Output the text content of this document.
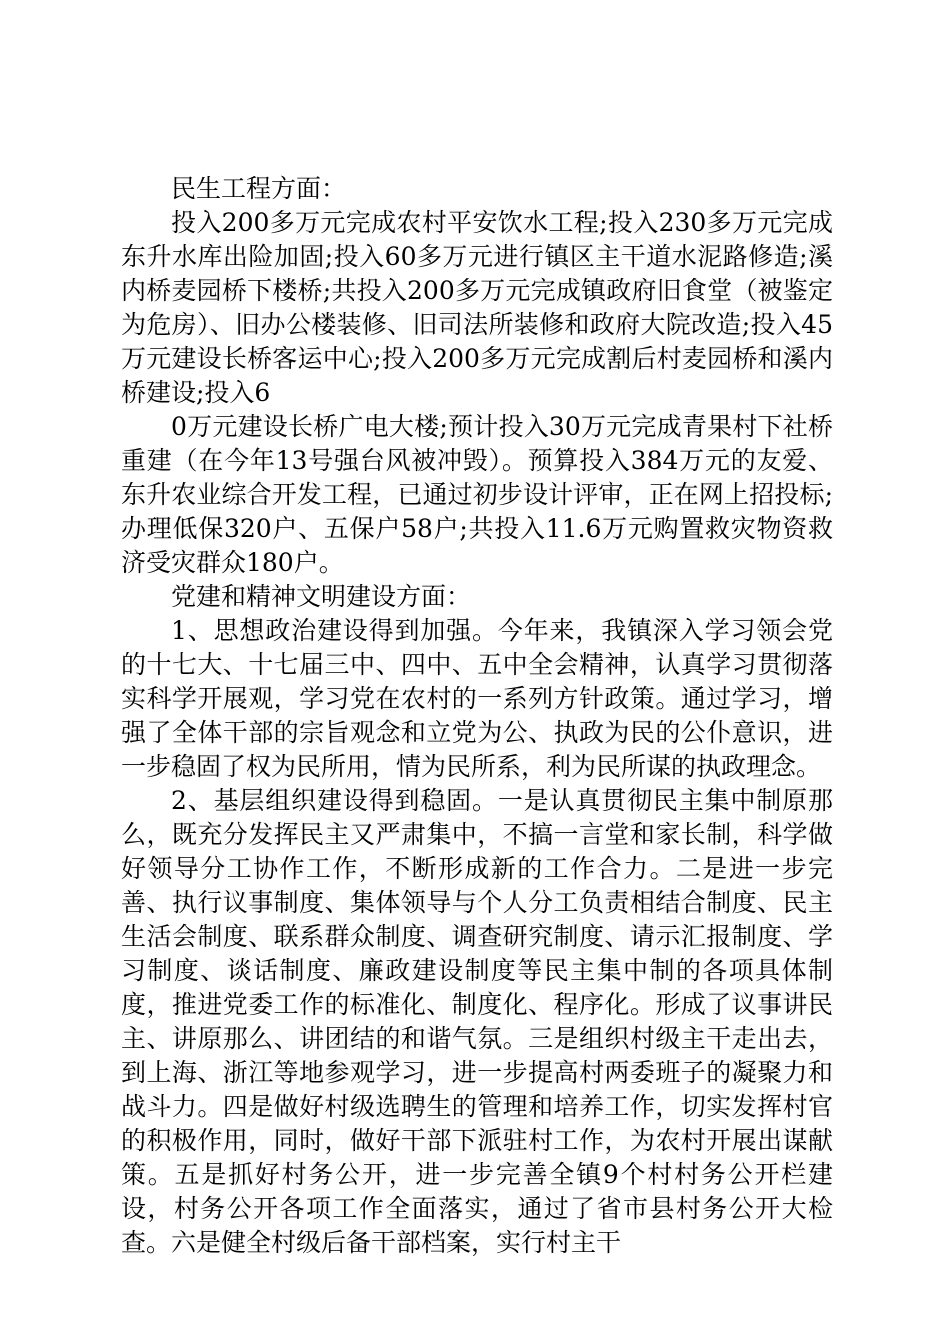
民生工程方面：

投入200多万元完成农村平安饮水工程;投入230多万元完成东升水库出险加固;投入60多万元进行镇区主干道水泥路修造;溪内桥麦园桥下楼桥;共投入200多万元完成镇政府旧食堂（被鉴定为危房）、旧办公楼装修、旧司法所装修和政府大院改造;投入45万元建设长桥客运中心;投入200多万元完成割后村麦园桥和溪内桥建设;投入6

0万元建设长桥广电大楼;预计投入30万元完成青果村下社桥重建（在今年13号强台风被冲毁）。预算投入384万元的友爱、东升农业综合开发工程，已通过初步设计评审，正在网上招投标;办理低保320户、五保户58户;共投入11.6万元购置救灾物资救济受灾群众180户。

党建和精神文明建设方面：

1、思想政治建设得到加强。今年来，我镇深入学习领会党的十七大、十七届三中、四中、五中全会精神，认真学习贯彻落实科学开展观，学习党在农村的一系列方针政策。通过学习，增强了全体干部的宗旨观念和立党为公、执政为民的公仆意识，进一步稳固了权为民所用，情为民所系，利为民所谋的执政理念。

2、基层组织建设得到稳固。一是认真贯彻民主集中制原那么，既充分发挥民主又严肃集中，不搞一言堂和家长制，科学做好领导分工协作工作，不断形成新的工作合力。二是进一步完善、执行议事制度、集体领导与个人分工负责相结合制度、民主生活会制度、联系群众制度、调查研究制度、请示汇报制度、学习制度、谈话制度、廉政建设制度等民主集中制的各项具体制度，推进党委工作的标准化、制度化、程序化。形成了议事讲民主、讲原那么、讲团结的和谐气氛。三是组织村级主干走出去，到上海、浙江等地参观学习，进一步提高村两委班子的凝聚力和战斗力。四是做好村级选聘生的管理和培养工作，切实发挥村官的积极作用，同时，做好干部下派驻村工作，为农村开展出谋献策。五是抓好村务公开，进一步完善全镇9个村村务公开栏建设，村务公开各项工作全面落实，通过了省市县村务公开大检查。六是健全村级后备干部档案，实行村主干
